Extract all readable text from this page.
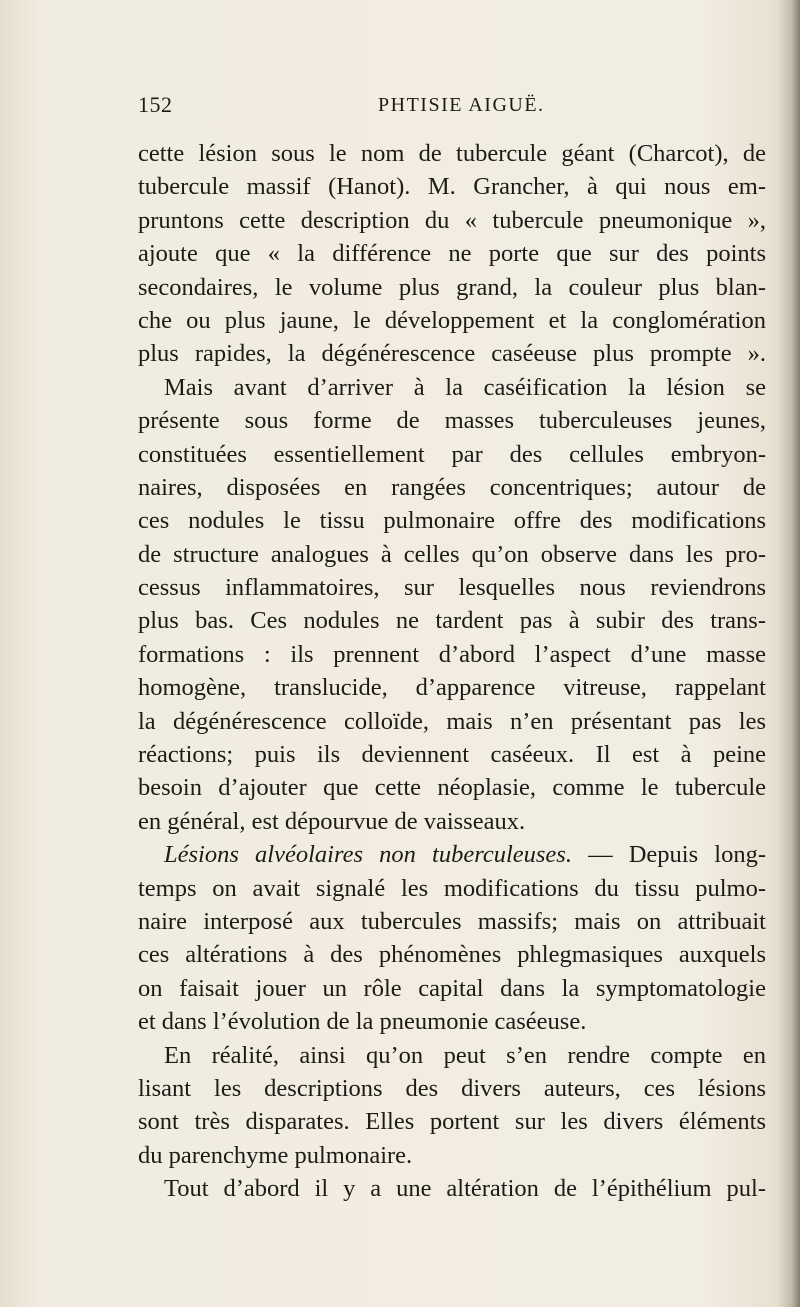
152	PHTISIE AIGUË.
cette lésion sous le nom de tubercule géant (Charcot), de
tubercule massif (Hanot). M. Grancher, à qui nous em-
pruntons cette description du « tubercule pneumonique »,
ajoute que « la différence ne porte que sur des points
secondaires, le volume plus grand, la couleur plus blan-
che ou plus jaune, le développement et la conglomération
plus rapides, la dégénérescence caséeuse plus prompte ».
Mais avant d’arriver à la caséification la lésion se
présente sous forme de masses tuberculeuses jeunes,
constituées essentiellement par des cellules embryon-
naires, disposées en rangées concentriques; autour de
ces nodules le tissu pulmonaire offre des modifications
de structure analogues à celles qu’on observe dans les pro-
cessus inflammatoires, sur lesquelles nous reviendrons
plus bas. Ces nodules ne tardent pas à subir des trans-
formations : ils prennent d’abord l’aspect d’une masse
homogène, translucide, d’apparence vitreuse, rappelant
la dégénérescence colloïde, mais n’en présentant pas les
réactions; puis ils deviennent caséeux. Il est à peine
besoin d’ajouter que cette néoplasie, comme le tubercule
en général, est dépourvue de vaisseaux.
Lésions alvéolaires non tuberculeuses. — Depuis long-
temps on avait signalé les modifications du tissu pulmo-
naire interposé aux tubercules massifs; mais on attribuait
ces altérations à des phénomènes phlegmasiques auxquels
on faisait jouer un rôle capital dans la symptomatologie
et dans l’évolution de la pneumonie caséeuse.
En réalité, ainsi qu’on peut s’en rendre compte en
lisant les descriptions des divers auteurs, ces lésions
sont très disparates. Elles portent sur les divers éléments
du parenchyme pulmonaire.
Tout d’abord il y a une altération de l’épithélium pul-
